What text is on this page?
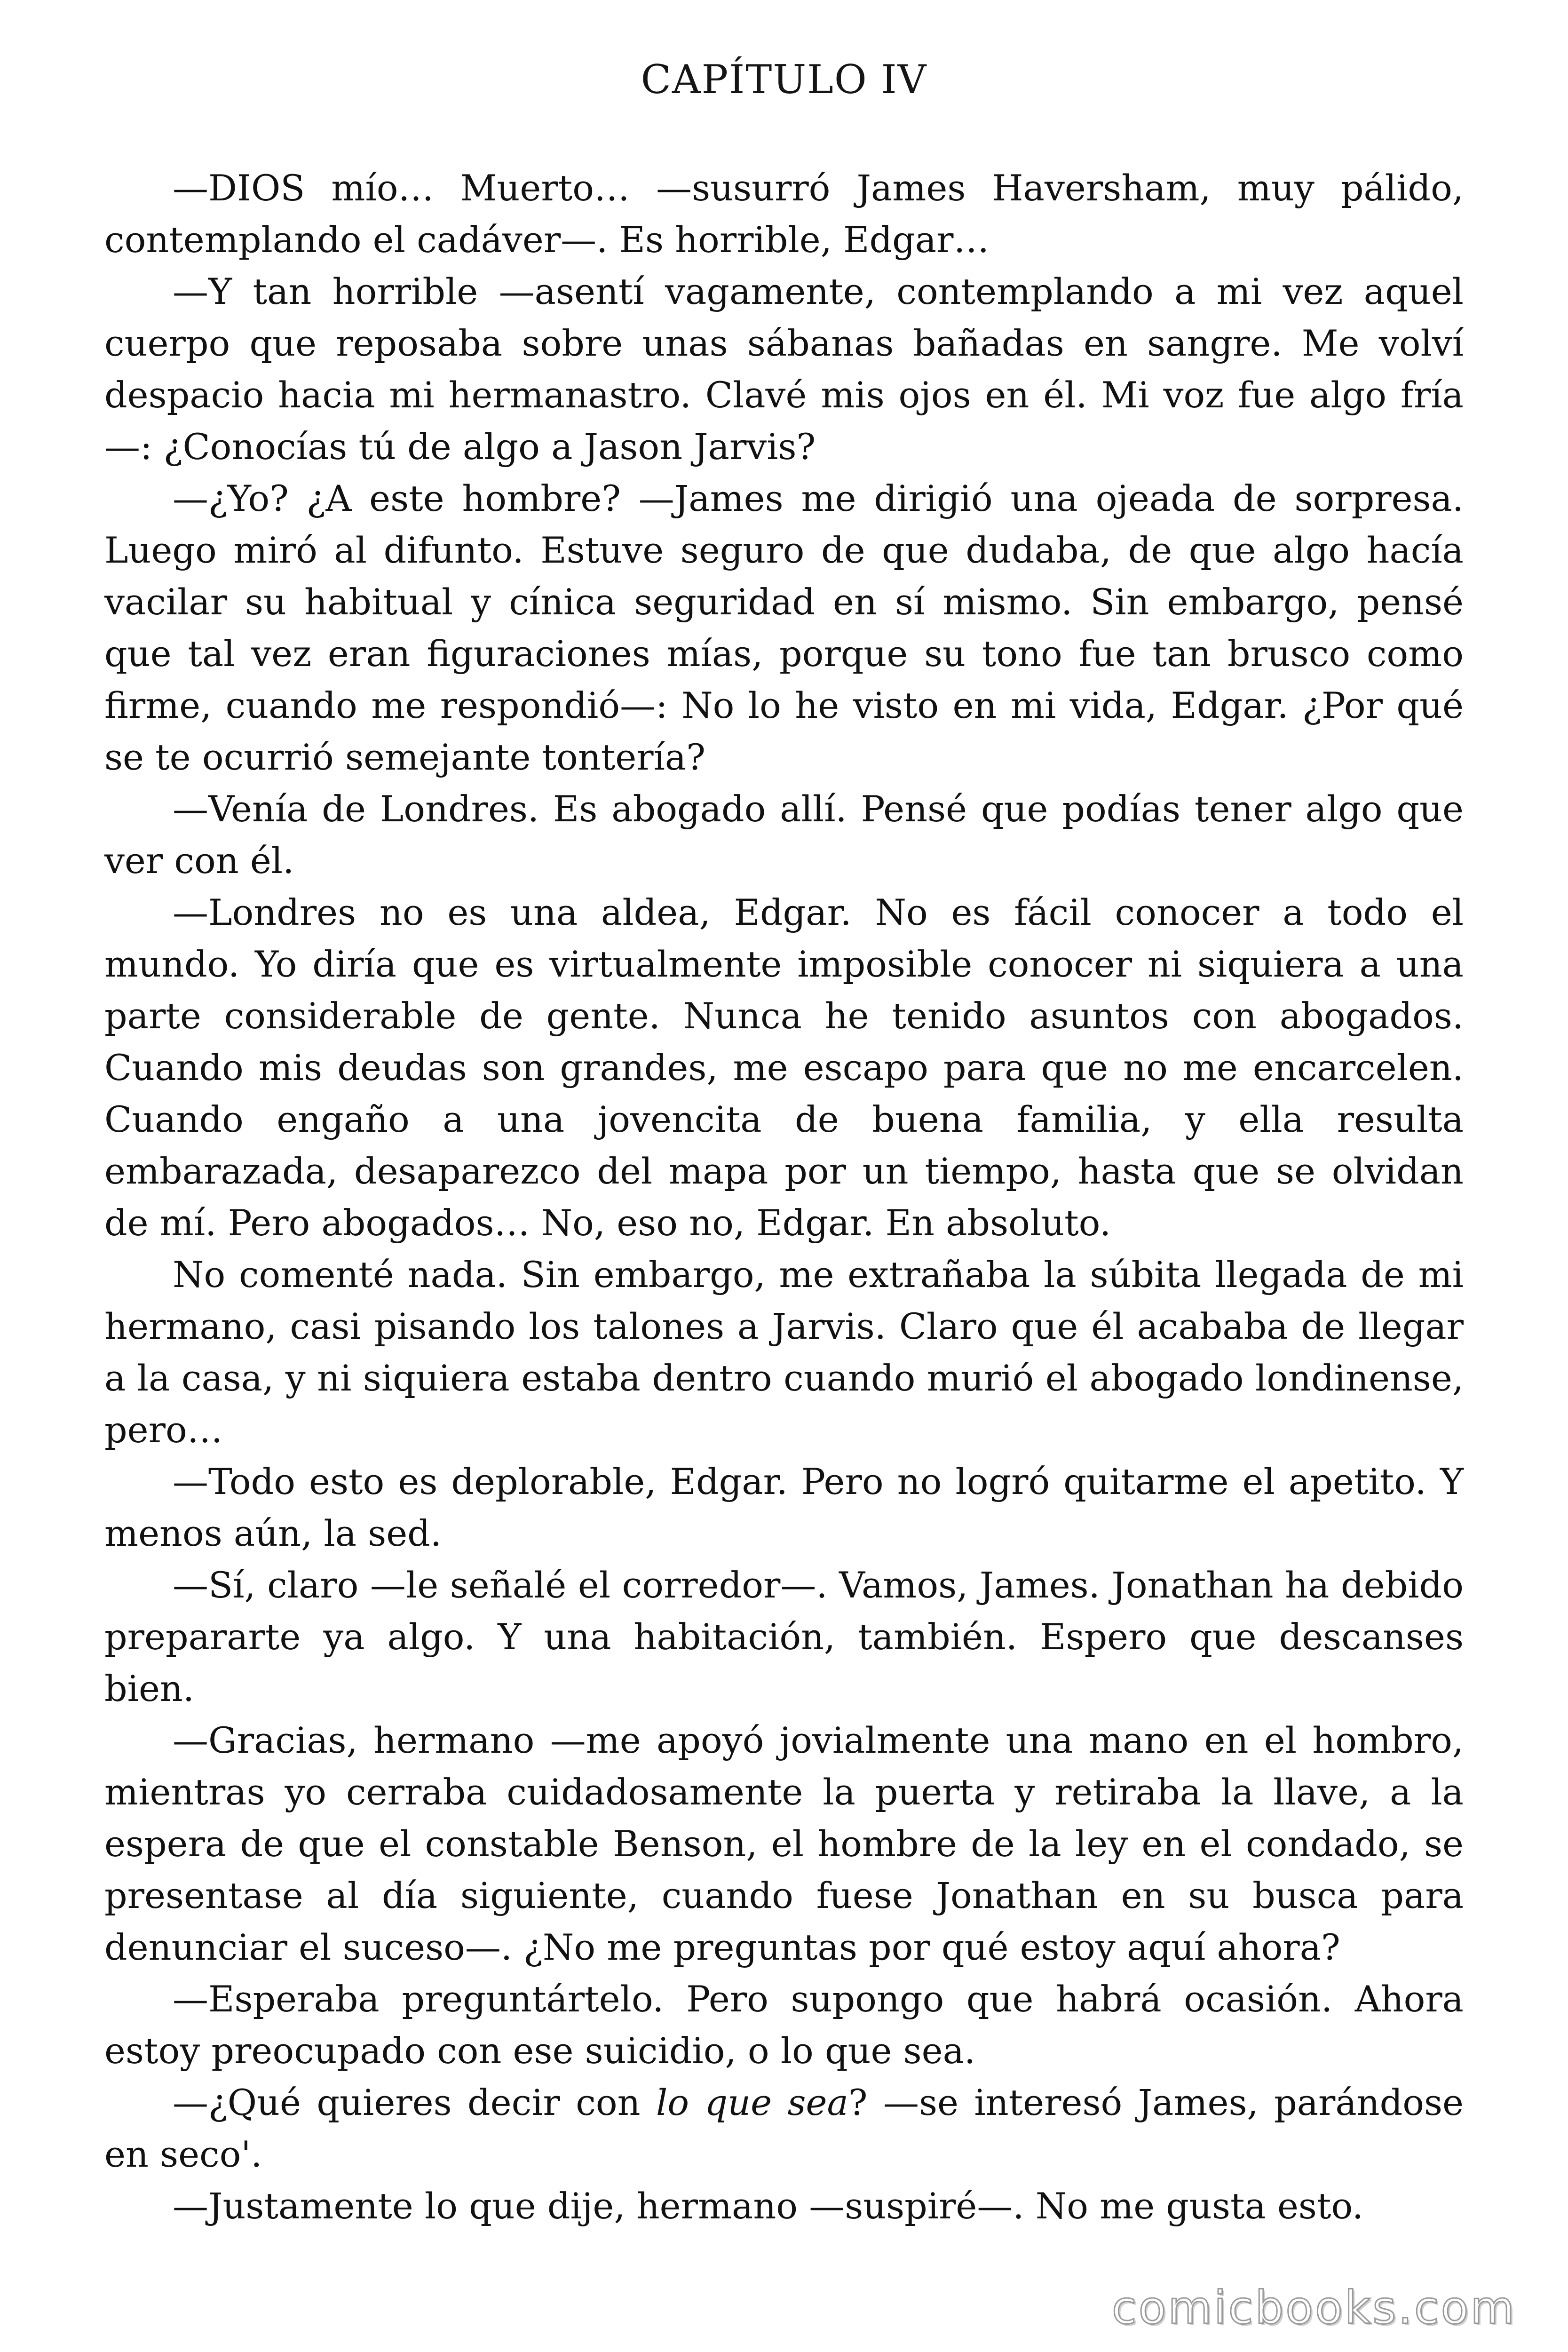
CAPÍTULO IV

—DIOS mío… Muerto… —susurró James Haversham, muy pálido, contemplando el cadáver—. Es horrible, Edgar…

—Y tan horrible —asentí vagamente, contemplando a mi vez aquel cuerpo que reposaba sobre unas sábanas bañadas en sangre. Me volví despacio hacia mi hermanastro. Clavé mis ojos en él. Mi voz fue algo fría—: ¿Conocías tú de algo a Jason Jarvis?

—¿Yo? ¿A este hombre? —James me dirigió una ojeada de sorpresa. Luego miró al difunto. Estuve seguro de que dudaba, de que algo hacía vacilar su habitual y cínica seguridad en sí mismo. Sin embargo, pensé que tal vez eran figuraciones mías, porque su tono fue tan brusco como firme, cuando me respondió—: No lo he visto en mi vida, Edgar. ¿Por qué se te ocurrió semejante tontería?

—Venía de Londres. Es abogado allí. Pensé que podías tener algo que ver con él.

—Londres no es una aldea, Edgar. No es fácil conocer a todo el mundo. Yo diría que es virtualmente imposible conocer ni siquiera a una parte considerable de gente. Nunca he tenido asuntos con abogados. Cuando mis deudas son grandes, me escapo para que no me encarcelen. Cuando engaño a una jovencita de buena familia, y ella resulta embarazada, desaparezco del mapa por un tiempo, hasta que se olvidan de mí. Pero abogados… No, eso no, Edgar. En absoluto.

No comenté nada. Sin embargo, me extrañaba la súbita llegada de mi hermano, casi pisando los talones a Jarvis. Claro que él acababa de llegar a la casa, y ni siquiera estaba dentro cuando murió el abogado londinense, pero…

—Todo esto es deplorable, Edgar. Pero no logró quitarme el apetito. Y menos aún, la sed.

—Sí, claro —le señalé el corredor—. Vamos, James. Jonathan ha debido prepararte ya algo. Y una habitación, también. Espero que descanses bien.

—Gracias, hermano —me apoyó jovialmente una mano en el hombro, mientras yo cerraba cuidadosamente la puerta y retiraba la llave, a la espera de que el constable Benson, el hombre de la ley en el condado, se presentase al día siguiente, cuando fuese Jonathan en su busca para denunciar el suceso—. ¿No me preguntas por qué estoy aquí ahora?

—Esperaba preguntártelo. Pero supongo que habrá ocasión. Ahora estoy preocupado con ese suicidio, o lo que sea.

—¿Qué quieres decir con lo que sea? —se interesó James, parándose en seco'.

—Justamente lo que dije, hermano —suspiré—. No me gusta esto.

comicbooks.com
